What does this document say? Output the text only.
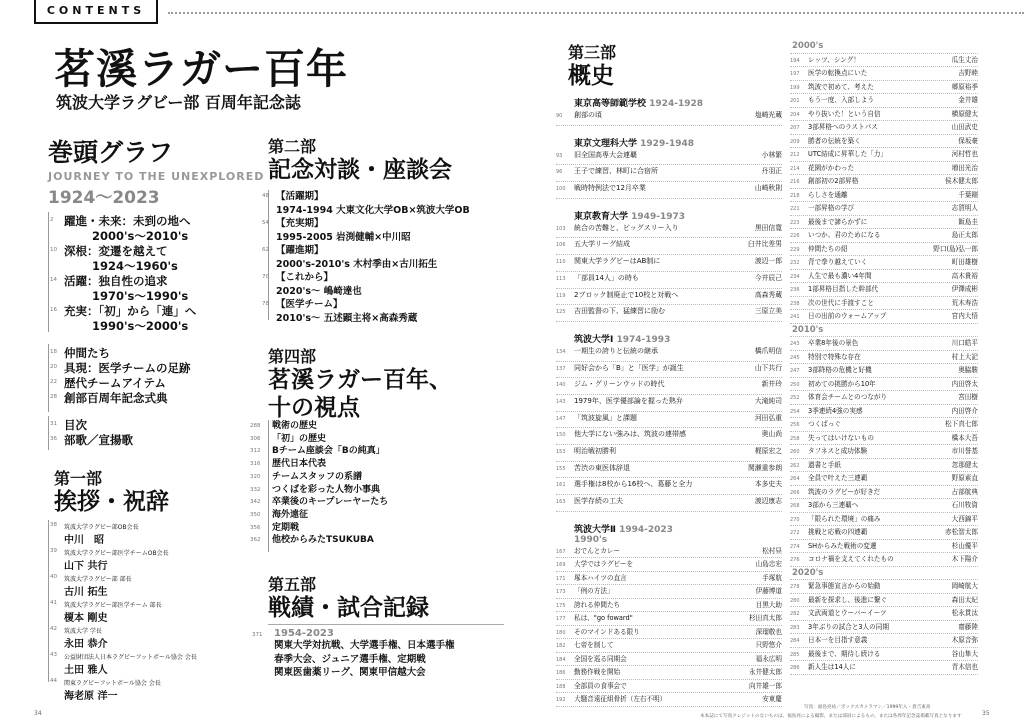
CONTENTS
茗溪ラガー百年
筑波大学ラグビー部 百周年記念誌
巻頭グラフ
JOURNEY TO THE UNEXPLORED
1924～2023
2 躍進・未来：未到の地へ
2000's～2010's
10 深根：変遷を越えて
1924～1960's
14 活躍：独自性の追求
1970's～1990's
16 充実：「初」から「連」へ
1990's～2000's
18 仲間たち
20 具現：医学チームの足跡
22 歴代チームアイテム
28 創部百周年記念式典
31 目次
36 部歌／宣揚歌
第一部
挨拶・祝辞
38	筑波大学ラグビー部OB会長
中川　昭
39	筑波大学ラグビー部医学チームOB会長
山下 共行
40	筑波大学ラグビー部 部長
古川 拓生
41	筑波大学ラグビー部医学チーム 部長
榎本 剛史
42	筑波大学 学長
永田 恭介
43	公益財団法人日本ラグビーフットボール協会 会長
土田 雅人
44	関東ラグビーフットボール協会 会長
海老原 洋一
第二部
記念対談・座談会
48 【活躍期】
1974-1994 大東文化大学OB×筑波大学OB
54 【充実期】
1995-2005 岩渕健輔×中川昭
62 【躍進期】
2000's-2010's 木村季由×古川拓生
70 【これから】
2020's～ 嶋崎達也
78 【医学チーム】
2010's～ 五述顕主将×高森秀蔵
第四部
茗溪ラガー百年、
十の視点
288	戦術の歴史
306	「初」の歴史
312	Bチーム座談会「Bの純真」
316	歴代日本代表
320	チームスタッフの系譜
332	つくばを彩った人物小事典
342	卒業後のキープレーヤーたち
350	海外遠征
356	定期戦
362	他校からみたTSUKUBA
第五部
戦績・試合記録
371	1954-2023
関東大学対抗戦、大学選手権、日本選手権
春季大会、ジュニア選手権、定期戦
関東医歯薬リーグ、関東甲信越大会
第三部
概史
東京高等師範学校 1924-1928
90	創部の頃	塩崎光蔵
東京文理科大学 1929-1948
93	旧全国高専大会連覇	小林繁
96	王子で練習、林町に合宿所	丹羽正
100	戦時特例法で12月卒業	山崎秋則
東京教育大学 1949-1973
103	統合の苦難と、ビッグスリー入り	黒田信寛
106	五大学リーグ結成	臼井比差男
110	関東大学ラグビーはAB制に	渡辺一郎
113	「部員14人」の時も	今井辰己
119	2ブロック制廃止で10校と対戦へ	高森秀蔵
125	吉田監督の下、猛練習に励む	三原立美
筑波大学Ⅰ 1974-1993
134	一期生の誇りと伝統の継承	橋爪明信
137	同好会から「B」と「医学」が誕生	山下共行
140	ジム・グリーンウッドの時代	新井玲
143	1979年、医学優部論を握った熱弁	大滝純司
147	「筑波旋風」と課題	河田弘重
150	他大学にない強みは、筑波の連帯感	奥山尚
153	明治戦初勝利	梶原宏之
155	苦渋の東医体辞退	関瀬重参朗
161	選手権は8校から16校へ、葛藤と全力	本多史夫
163	医学存続の工夫	渡辺康志
筑波大学Ⅱ 1994-2023
1990's
167	おでんとカレー	松村昼
169	大学ではラグビーを	山島忠宏
171	塚本ハイツの直言	手塚航
173	「例の方法」	伊藤博道
175	誇れる仲間たち	目黒大助
177	私は、"go foward"	杉田真太郎
180	そのマインドある限り	深瑠敬也
182	七帝を制して	只野悠介
184	全国を巡る同期会	福永広明
186	勤務作戦を開始	永井健太郎
188	全部員の食事会で	向井雄一郎
192	大騒音遠征組骨折（左右不明）	安東慶
2000's
194	レッツ、シング！	瓜生丈治
197	医学の転換点にいた	吉野睦
199	筑波で初めて、考えた	郷原裕季
201	もう一度、入部しよう	金井雄
204	やり抜いた！という自信	横原健太
207	3部昇格へのラストパス	山田武史
209	勝者の伝統を築く	保坂豪
212	UTC結成に昇華した「力」	河村哲也
214	花園がかわった	増田光治
216	創部初の2部昇格	侯木健太郎
218	らしさを通離	千葉剛
221	一部昇格の学び	志賀明人
223	最後まで諦らかずに	飯島圭
226	いつか、君のためになる	島正太郎
229	仲間たちの紹	野口(島)弘一郎
232	背で拳り越えていく	町田雄樹
234	人生で最も濃い4年間	高木貴裕
236	1部昇格目指した幹部代	伊澤成彬
238	次の世代に手渡すこと	荒木寿浩
241	日の出前のウォームアップ	宮内大悟
2010's
243	卒業8年後の景色	川口皓平
245	特別で特殊な存在	村上大記
247	3部降格の危機と好機	奥脇駿
250	初めての挑勝から10年	内田啓太
252	体育会チームとのつながり	宮田樹
254	3季連続4強の実感	内田啓介
256	つくばっぐ	松下真七郎
258	失ってはいけないもの	橋本大吾
260	タフネスと成功体験	市川誉基
262	遺書と手紙	忽那健太
264	全員で叶えた三連覇	野原素直
266	筑波のラグビーが好きだ	占部航典
268	3部から三連覇へ	石川牧資
270	「限られた環境」の痛み	大西錦平
272	挑戦と応戦の四連覇	赤松智太郎
274	SHからみた戦術の変遷	杉山優平
276	コロナ禍を支えてくれたもの	木下陽介
2020's
278	緊急事態宣言からの始動	岡崎航大
280	最新を探求し、後進に繋ぐ	森田太紀
282	文武両道とウーバーイーツ	松永貫汰
283	3年ぶりの試合と3人の同期	齋藤陸
284	日本一を目指す意義	木原音弥
285	最後まで、期待し続ける	谷山隼大
286	新人生は14人に	青木信也
写真：福島亮祐／ボックスカメラマン／1999年入・倉吉東高
本本誌にて写真クレジットのないものは、福島亮による撮影、または部員によるもの、または各周年記念誌掲載写真となります
34	35
